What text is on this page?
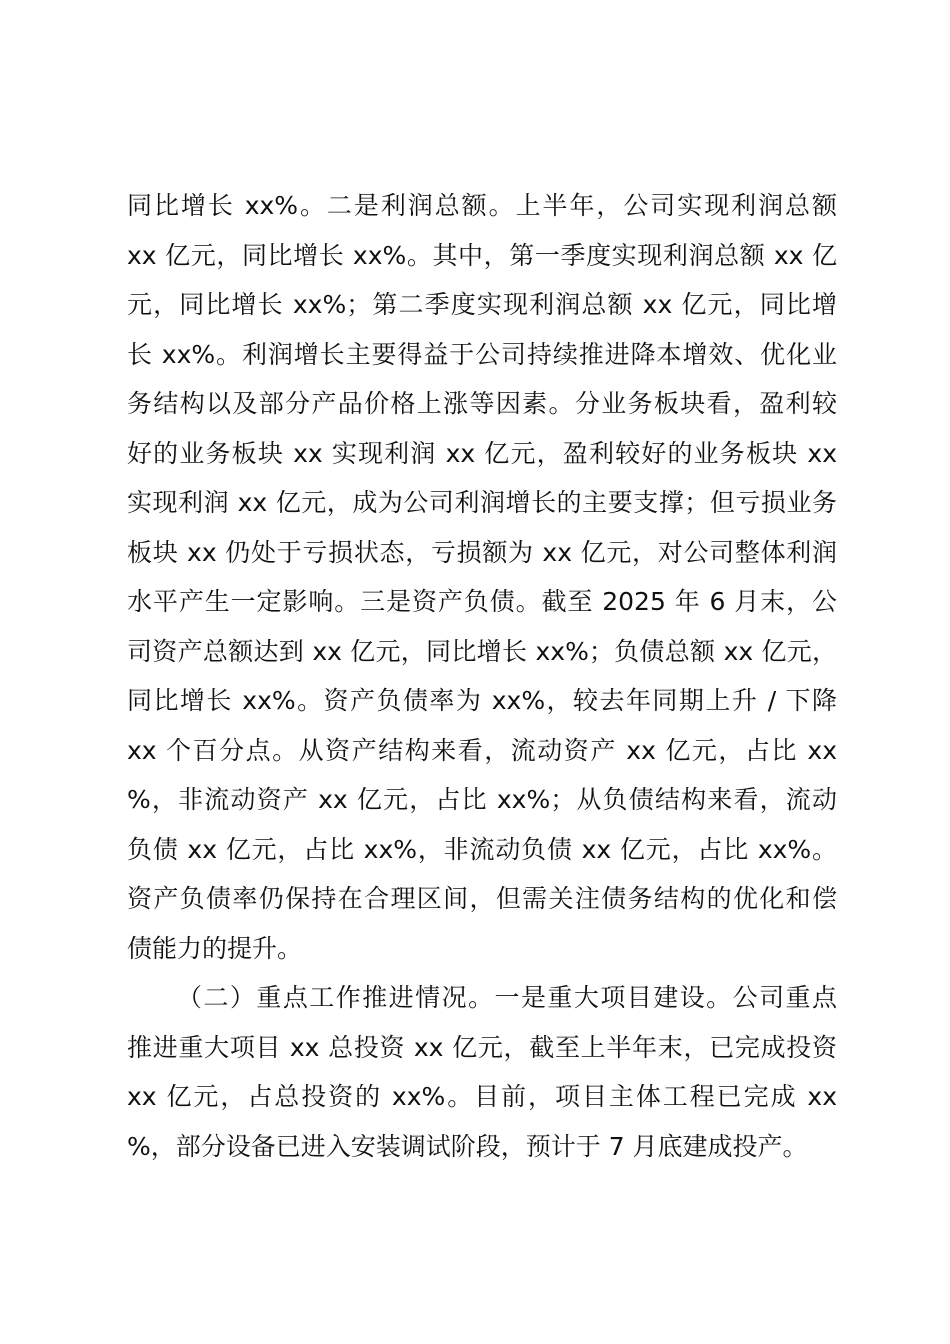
同比增长 xx%。二是利润总额。上半年，公司实现利润总额
xx 亿元，同比增长 xx%。其中，第一季度实现利润总额 xx 亿
元，同比增长 xx%；第二季度实现利润总额 xx 亿元，同比增
长 xx%。利润增长主要得益于公司持续推进降本增效、优化业
务结构以及部分产品价格上涨等因素。分业务板块看，盈利较
好的业务板块 xx 实现利润 xx 亿元，盈利较好的业务板块 xx
实现利润 xx 亿元，成为公司利润增长的主要支撑；但亏损业务
板块 xx 仍处于亏损状态，亏损额为 xx 亿元，对公司整体利润
水平产生一定影响。三是资产负债。截至 2025 年 6 月末，公
司资产总额达到 xx 亿元，同比增长 xx%；负债总额 xx 亿元，
同比增长 xx%。资产负债率为 xx%，较去年同期上升 / 下降
xx 个百分点。从资产结构来看，流动资产 xx 亿元，占比 xx
%，非流动资产 xx 亿元，占比 xx%；从负债结构来看，流动
负债 xx 亿元，占比 xx%，非流动负债 xx 亿元，占比 xx%。
资产负债率仍保持在合理区间，但需关注债务结构的优化和偿
债能力的提升。
（二）重点工作推进情况。一是重大项目建设。公司重点
推进重大项目 xx 总投资 xx 亿元，截至上半年末，已完成投资
xx 亿元，占总投资的 xx%。目前，项目主体工程已完成 xx
%，部分设备已进入安装调试阶段，预计于 7 月底建成投产。
